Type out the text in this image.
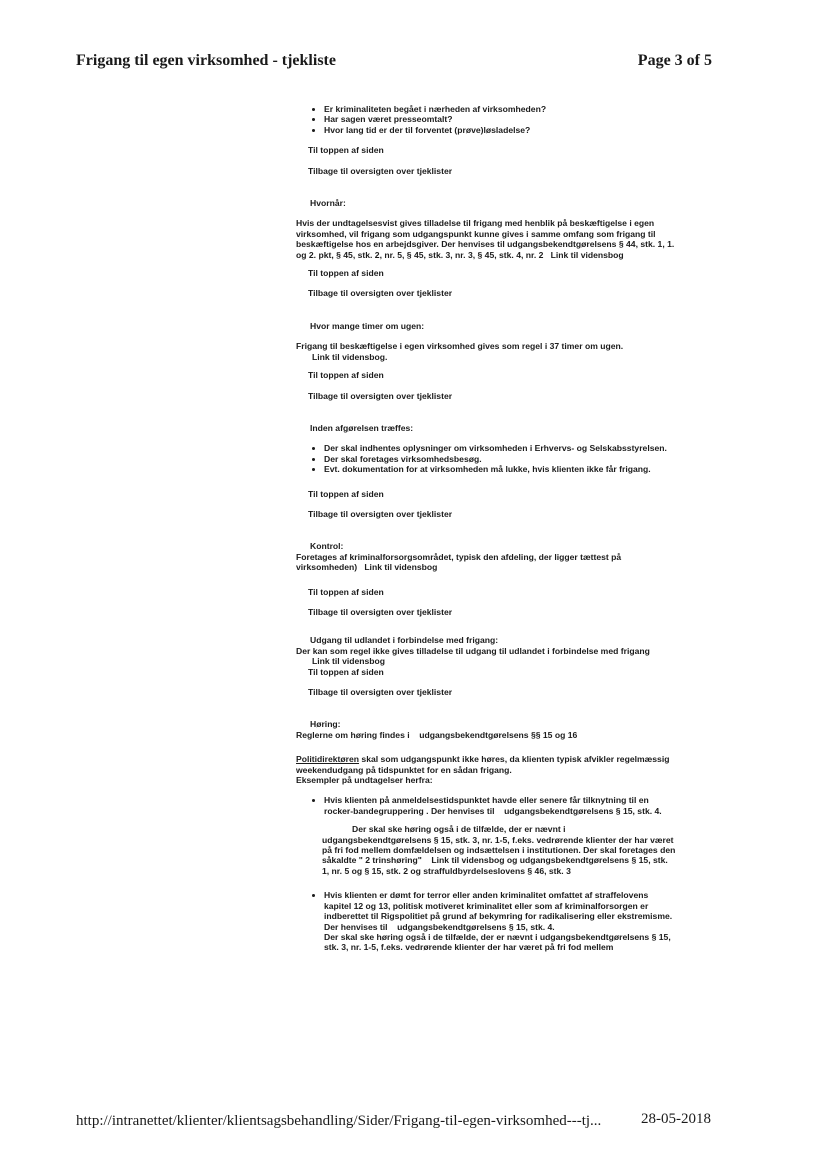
Frigang til egen virksomhed - tjekliste	Page 3 of 5
• Er kriminaliteten begået i nærheden af virksomheden?
• Har sagen været presseomtalt?
• Hvor lang tid er der til forventet (prøve)løsladelse?
Til toppen af siden
Tilbage til oversigten over tjeklister
Hvornår:
Hvis der undtagelsesvist gives tilladelse til frigang med henblik på beskæftigelse i egen virksomhed, vil frigang som udgangspunkt kunne gives i samme omfang som frigang til beskæftigelse hos en arbejdsgiver. Der henvises til udgangsbekendtgørelsens § 44, stk. 1, 1. og 2. pkt, § 45, stk. 2, nr. 5, § 45, stk. 3, nr. 3, § 45, stk. 4, nr. 2 Link til vidensbog
Til toppen af siden
Tilbage til oversigten over tjeklister
Hvor mange timer om ugen:
Frigang til beskæftigelse i egen virksomhed gives som regel i 37 timer om ugen.
Link til vidensbog.
Til toppen af siden
Tilbage til oversigten over tjeklister
Inden afgørelsen træffes:
• Der skal indhentes oplysninger om virksomheden i Erhvervs- og Selskabsstyrelsen.
• Der skal foretages virksomhedsbesøg.
• Evt. dokumentation for at virksomheden må lukke, hvis klienten ikke får frigang.
Til toppen af siden
Tilbage til oversigten over tjeklister
Kontrol:
Foretages af kriminalforsorgsområdet, typisk den afdeling, der ligger tættest på virksomheden) Link til vidensbog
Til toppen af siden
Tilbage til oversigten over tjeklister
Udgang til udlandet i forbindelse med frigang:
Der kan som regel ikke gives tilladelse til udgang til udlandet i forbindelse med frigang
Link til vidensbog
Til toppen af siden
Tilbage til oversigten over tjeklister
Høring:
Reglerne om høring findes i udgangsbekendtgørelsens §§ 15 og 16
Politidirektøren skal som udgangspunkt ikke høres, da klienten typisk afvikler regelmæssig weekendudgang på tidspunktet for en sådan frigang.
Eksempler på undtagelser herfra:
• Hvis klienten på anmeldelsestidspunktet havde eller senere får tilknytning til en rocker-bandegruppering . Der henvises til udgangsbekendtgørelsens § 15, stk. 4.
Der skal ske høring også i de tilfælde, der er nævnt i udgangsbekendtgørelsens § 15, stk. 3, nr. 1-5, f.eks. vedrørende klienter der har været på fri fod mellem domfældelsen og indsættelsen i institutionen. Der skal foretages den såkaldte " 2 trinshøring" Link til vidensbog og udgangsbekendtgørelsens § 15, stk. 1, nr. 5 og § 15, stk. 2 og straffuldbyrdelseslovens § 46, stk. 3
• Hvis klienten er dømt for terror eller anden kriminalitet omfattet af straffelovens kapitel 12 og 13, politisk motiveret kriminalitet eller som af kriminalforsorgen er indberettet til Rigspolitiet på grund af bekymring for radikalisering eller ekstremisme. Der henvises til udgangsbekendtgørelsens § 15, stk. 4.
Der skal ske høring også i de tilfælde, der er nævnt i udgangsbekendtgørelsens § 15, stk. 3, nr. 1-5, f.eks. vedrørende klienter der har været på fri fod mellem
http://intranettet/klienter/klientsagsbehandling/Sider/Frigang-til-egen-virksomhed---tj...	28-05-2018
